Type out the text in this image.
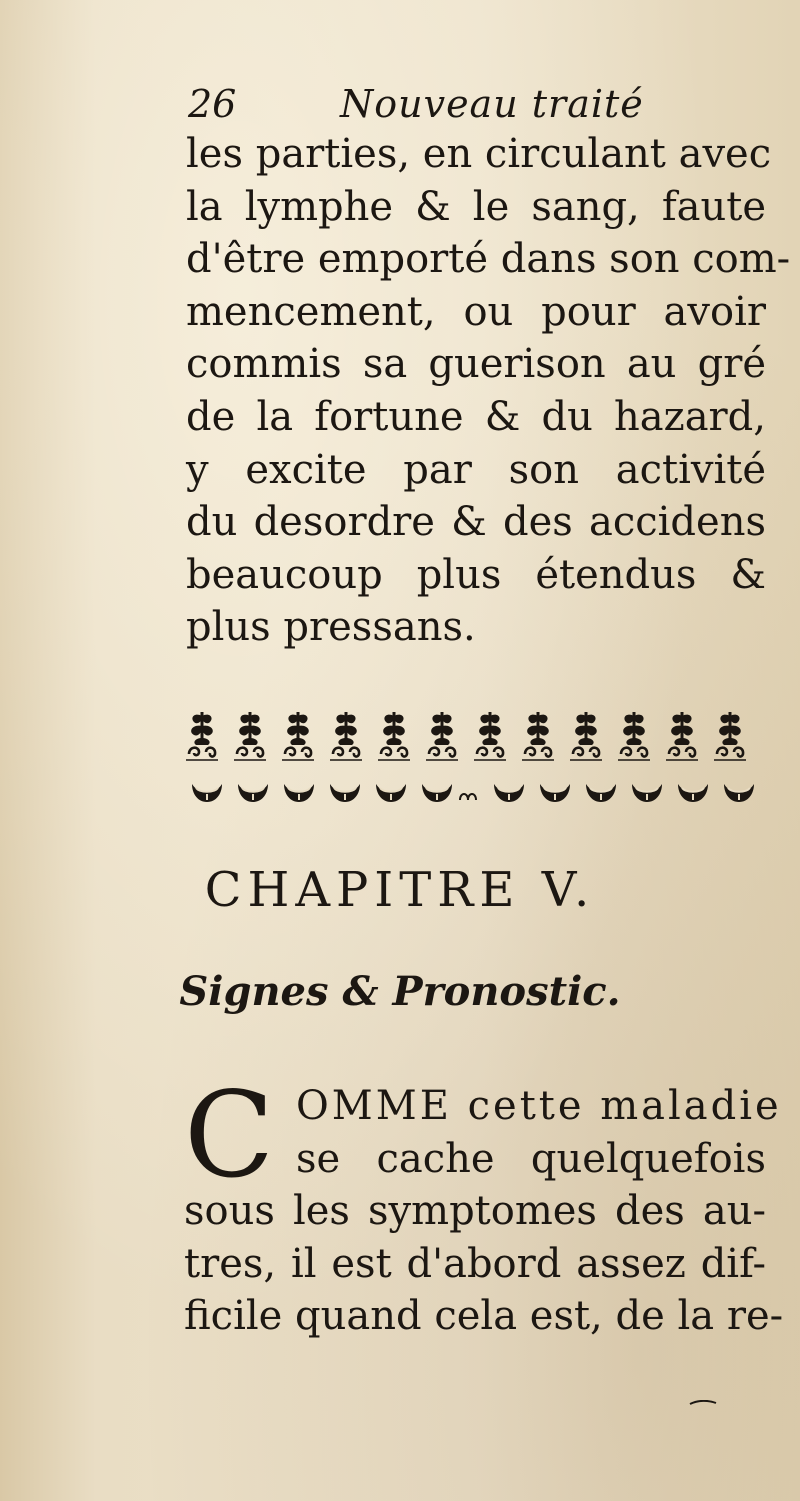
26	Nouveau traité
les parties, en circulant avec
la lymphe & le sang, faute
d'être emporté dans son com-
mencement, ou pour avoir
commis sa guerison au gré
de la fortune & du hazard,
y excite par son activité
du desordre & des accidens
beaucoup plus étendus &
plus pressans.
CHAPITRE V.
Signes & Pronostic.
C OMME cette maladie
se cache quelquefois
sous les symptomes des au-
tres, il est d'abord assez dif-
ficile quand cela est, de la re-
